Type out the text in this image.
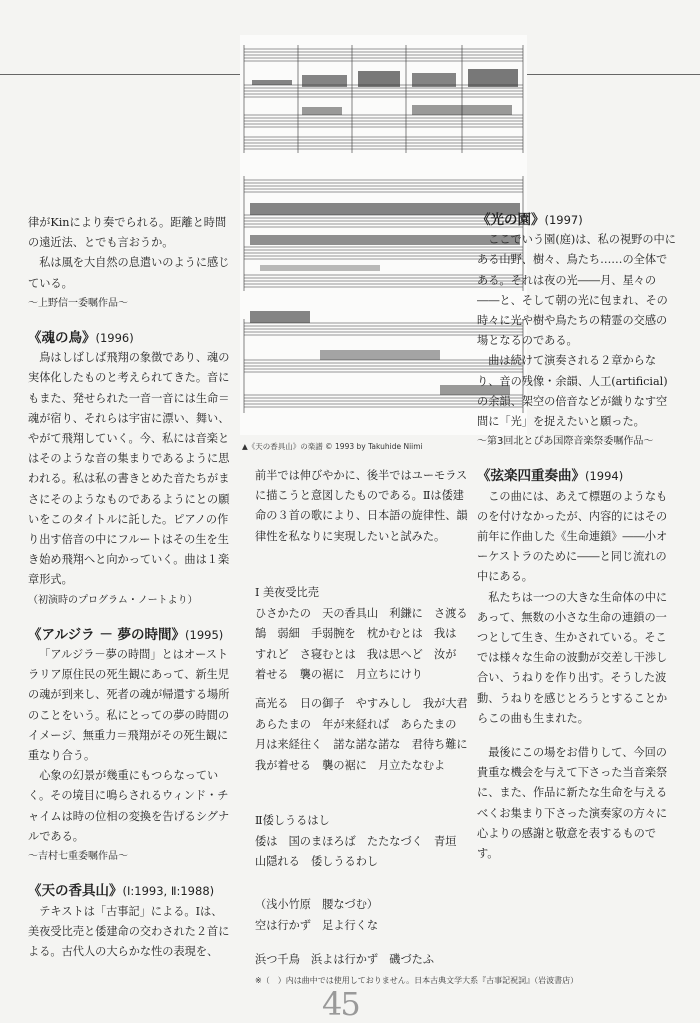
▲《天の香具山》の楽譜 © 1993 by Takuhide Niimi

律がKinにより奏でられる。距離と時間の遠近法、とでも言おうか。

私は風を大自然の息遣いのように感じている。

～上野信一委嘱作品～

《魂の鳥》(1996)

鳥はしばしば飛翔の象徴であり、魂の実体化したものと考えられてきた。音にもまた、発せられた一音一音には生命＝魂が宿り、それらは宇宙に漂い、舞い、やがて飛翔していく。今、私には音楽とはそのような音の集まりであるように思われる。私は私の書きとめた音たちがまさにそのようなものであるようにとの願いをこのタイトルに託した。ピアノの作り出す倍音の中にフルートはその生を生き始め飛翔へと向かっていく。曲は１楽章形式。

（初演時のプログラム・ノートより）

《アルジラ － 夢の時間》(1995)

「アルジラ－夢の時間」とはオーストラリア原住民の死生観にあって、新生児の魂が到来し、死者の魂が帰還する場所のことをいう。私にとっての夢の時間のイメージ、無重力＝飛翔がその死生観に重なり合う。

心象の幻景が幾重にもつらなっていく。その境目に鳴らされるウィンド・チャイムは時の位相の変換を告げるシグナルである。

～吉村七重委嘱作品～

《天の香具山》(Ⅰ:1993, Ⅱ:1988)

テキストは「古事記」による。Ⅰは、美夜受比売と倭建命の交わされた２首による。古代人の大らかな性の表現を、

前半では伸びやかに、後半ではユーモラスに描こうと意図したものである。Ⅱは倭建命の３首の歌により、日本語の旋律性、韻律性を私なりに実現したいと試みた。

Ⅰ 美夜受比売

ひさかたの　天の香具山　利鎌に　さ渡る

鵠　弱細　手弱腕を　枕かむとは　我は

すれど　さ寝むとは　我は思へど　汝が

着せる　襲の裾に　月立ちにけり

高光る　日の御子　やすみしし　我が大君

あらたまの　年が来経れば　あらたまの

月は来経往く　諾な諾な諾な　君待ち難に

我が着せる　襲の裾に　月立たなむよ

Ⅱ倭しうるはし

倭は　国のまほろば　たたなづく　青垣

山隠れる　倭しうるわし

（浅小竹原　腰なづむ）

空は行かず　足よ行くな

浜つ千鳥　浜よは行かず　磯づたふ

※（　）内は曲中では使用しておりません。日本古典文学大系『古事記祝詞』（岩波書店）

《光の園》(1997)

ここでいう園(庭)は、私の視野の中にある山野、樹々、鳥たち……の全体である。それは夜の光――月、星々の――と、そして朝の光に包まれ、その時々に光や樹や鳥たちの精霊の交感の場となるのである。

曲は続けて演奏される２章からなり、音の残像・余韻、人工(artificial)の余韻、架空の倍音などが織りなす空間に「光」を捉えたいと願った。

～第3回北とぴあ国際音楽祭委嘱作品～

《弦楽四重奏曲》(1994)

この曲には、あえて標題のようなものを付けなかったが、内容的にはその前年に作曲した《生命連鎖》――小オーケストラのために――と同じ流れの中にある。

私たちは一つの大きな生命体の中にあって、無数の小さな生命の連鎖の一つとして生き、生かされている。そこでは様々な生命の波動が交差し干渉し合い、うねりを作り出す。そうした波動、うねりを感じとろうとすることからこの曲も生まれた。

最後にこの場をお借りして、今回の貴重な機会を与えて下さった当音楽祭に、また、作品に新たな生命を与えるべくお集まり下さった演奏家の方々に心よりの感謝と敬意を表するものです。

45
